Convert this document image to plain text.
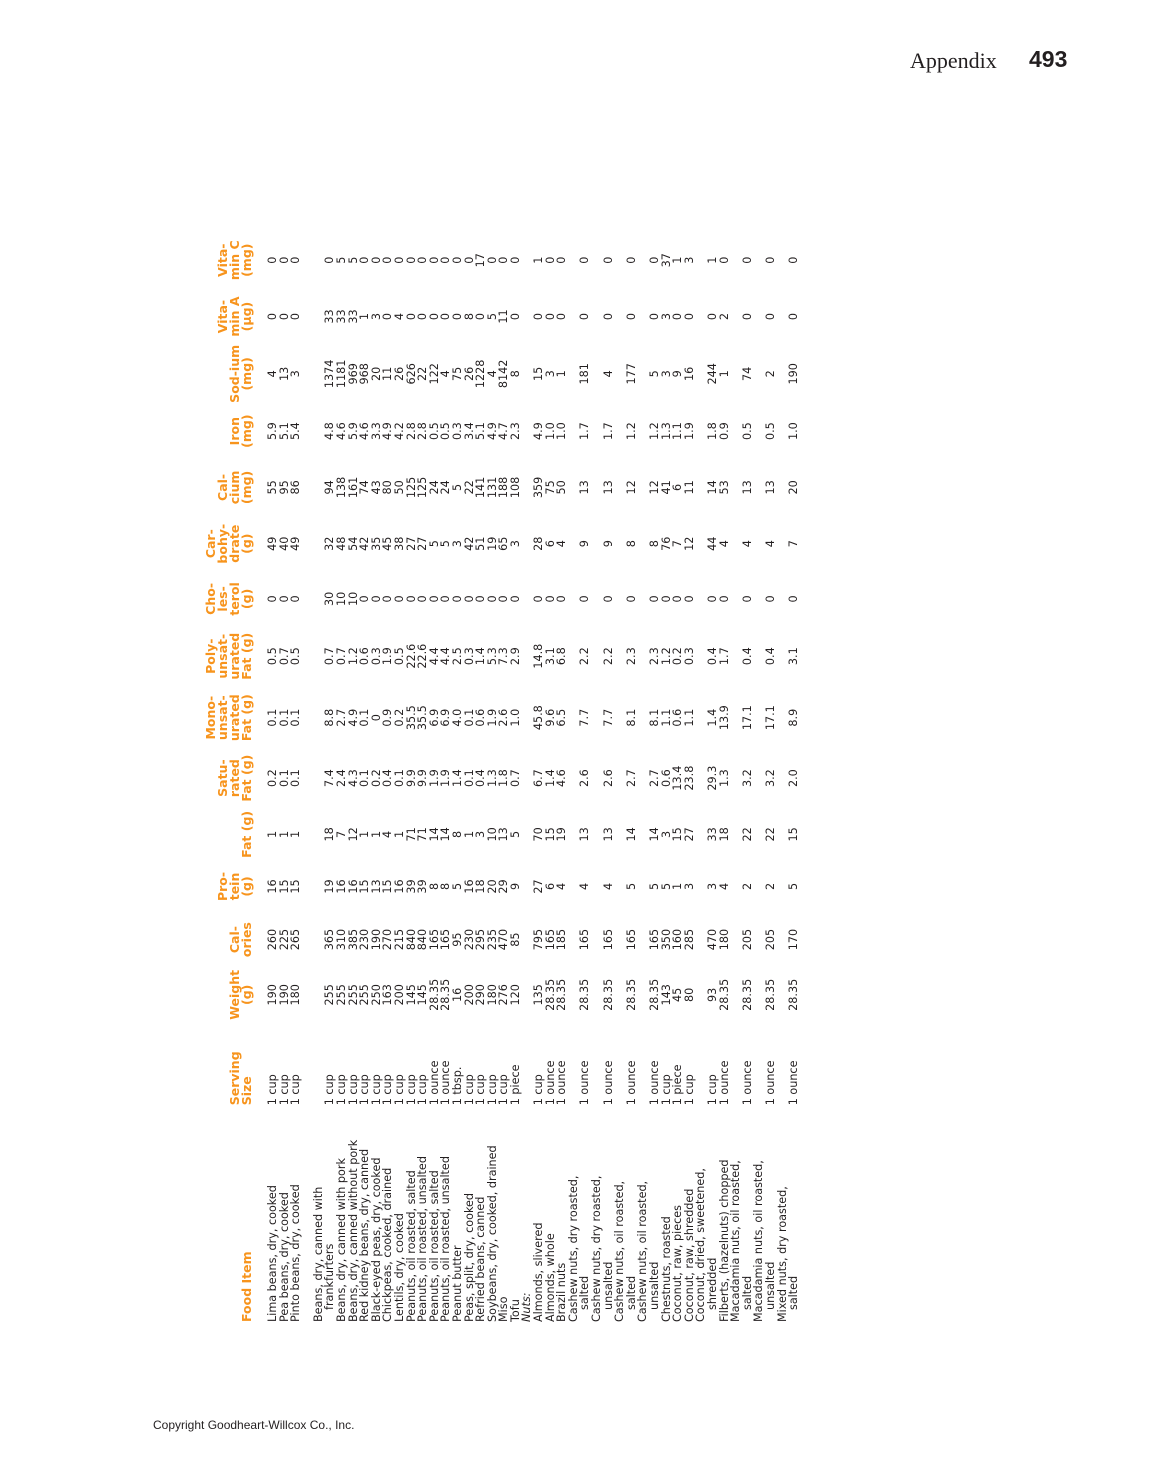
Appendix 493
Food Item	Serving Size	Weight (g)	Cal-ories	Pro-tein (g)	Fat (g)	Satu-rated Fat (g)	Mono-unsat-urated Fat (g)	Poly-unsat-urated Fat (g)	Cho-les-terol (g)	Car-bohy-drate (g)	Cal-cium (mg)	Iron (mg)	Sod-ium (mg)	Vita-min A (µg)	Vita-min C (mg)
Lima beans, dry, cooked	1 cup	190	260	16	1	0.2	0.1	0.5	0	49	55	5.9	4	0	0
Pea beans, dry, cooked	1 cup	190	225	15	1	0.1	0.1	0.7	0	40	95	5.1	13	0	0
Pinto beans, dry, cooked	1 cup	180	265	15	1	0.1	0.1	0.5	0	49	86	5.4	3	0	0
Beans, dry, canned with
frankfurters	1 cup	255	365	19	18	7.4	8.8	0.7	30	32	94	4.8	1374	33	0
Beans, dry, canned with pork	1 cup	255	310	16	7	2.4	2.7	0.7	10	48	138	4.6	1181	33	5
Beans, dry, canned without pork	1 cup	255	385	16	12	4.3	4.9	1.2	10	54	161	5.9	969	33	5
Red kidney beans, dry, canned	1 cup	255	230	15	1	0.1	0.1	0.6	0	42	74	4.6	968	1	0
Black-eyed peas, dry, cooked	1 cup	250	190	13	1	0.2	0	0.3	0	35	43	3.3	20	3	0
Chickpeas, cooked, drained	1 cup	163	270	15	4	0.4	0.9	1.9	0	45	80	4.9	11	0	0
Lentils, dry, cooked	1 cup	200	215	16	1	0.1	0.2	0.5	0	38	50	4.2	26	4	0
Peanuts, oil roasted, salted	1 cup	145	840	39	71	9.9	35.5	22.6	0	27	125	2.8	626	0	0
Peanuts, oil roasted, unsalted	1 cup	145	840	39	71	9.9	35.5	22.6	0	27	125	2.8	22	0	0
Peanuts, oil roasted, salted	1 ounce	28.35	165	8	14	1.9	6.9	4.4	0	5	24	0.5	122	0	0
Peanuts, oil roasted, unsalted	1 ounce	28.35	165	8	14	1.9	6.9	4.4	0	5	24	0.5	4	0	0
Peanut butter	1 tbsp.	16	95	5	8	1.4	4.0	2.5	0	3	5	0.3	75	0	0
Peas, split, dry, cooked	1 cup	200	230	16	1	0.1	0.1	0.3	0	42	22	3.4	26	8	0
Refried beans, canned	1 cup	290	295	18	3	0.4	0.6	1.4	0	51	141	5.1	1228	0	17
Soybeans, dry, cooked, drained	1 cup	180	235	20	10	1.3	1.9	5.3	0	19	131	4.9	4	5	0
Miso	1 cup	276	470	29	13	1.8	2.6	7.3	0	65	188	4.7	8142	11	0
Tofu	1 piece	120	85	9	5	0.7	1.0	2.9	0	3	108	2.3	8	0	0
Nuts:															
Almonds, slivered	1 cup	135	795	27	70	6.7	45.8	14.8	0	28	359	4.9	15	0	1
Almonds, whole	1 ounce	28.35	165	6	15	1.4	9.6	3.1	0	6	75	1.0	3	0	0
Brazil nuts	1 ounce	28.35	185	4	19	4.6	6.5	6.8	0	4	50	1.0	1	0	0
Cashew nuts, dry roasted,
salted	1 ounce	28.35	165	4	13	2.6	7.7	2.2	0	9	13	1.7	181	0	0
Cashew nuts, dry roasted,
unsalted	1 ounce	28.35	165	4	13	2.6	7.7	2.2	0	9	13	1.7	4	0	0
Cashew nuts, oil roasted,
salted	1 ounce	28.35	165	5	14	2.7	8.1	2.3	0	8	12	1.2	177	0	0
Cashew nuts, oil roasted,
unsalted	1 ounce	28.35	165	5	14	2.7	8.1	2.3	0	8	12	1.2	5	0	0
Chestnuts, roasted	1 cup	143	350	5	3	0.6	1.1	1.2	0	76	41	1.3	3	3	37
Coconut, raw, pieces	1 piece	45	160	1	15	13.4	0.6	0.2	0	7	6	1.1	9	0	1
Coconut, raw, shredded	1 cup	80	285	3	27	23.8	1.1	0.3	0	12	11	1.9	16	0	3
Coconut, dried, sweetened,
shredded	1 cup	93	470	3	33	29.3	1.4	0.4	0	44	14	1.8	244	0	1
Filberts, (hazelnuts) chopped	1 ounce	28.35	180	4	18	1.3	13.9	1.7	0	4	53	0.9	1	2	0
Macadamia nuts, oil roasted,
salted	1 ounce	28.35	205	2	22	3.2	17.1	0.4	0	4	13	0.5	74	0	0
Macadamia nuts, oil roasted,
unsalted	1 ounce	28.35	205	2	22	3.2	17.1	0.4	0	4	13	0.5	2	0	0
Mixed nuts, dry roasted,
salted	1 ounce	28.35	170	5	15	2.0	8.9	3.1	0	7	20	1.0	190	0	0
Copyright Goodheart-Willcox Co., Inc.
